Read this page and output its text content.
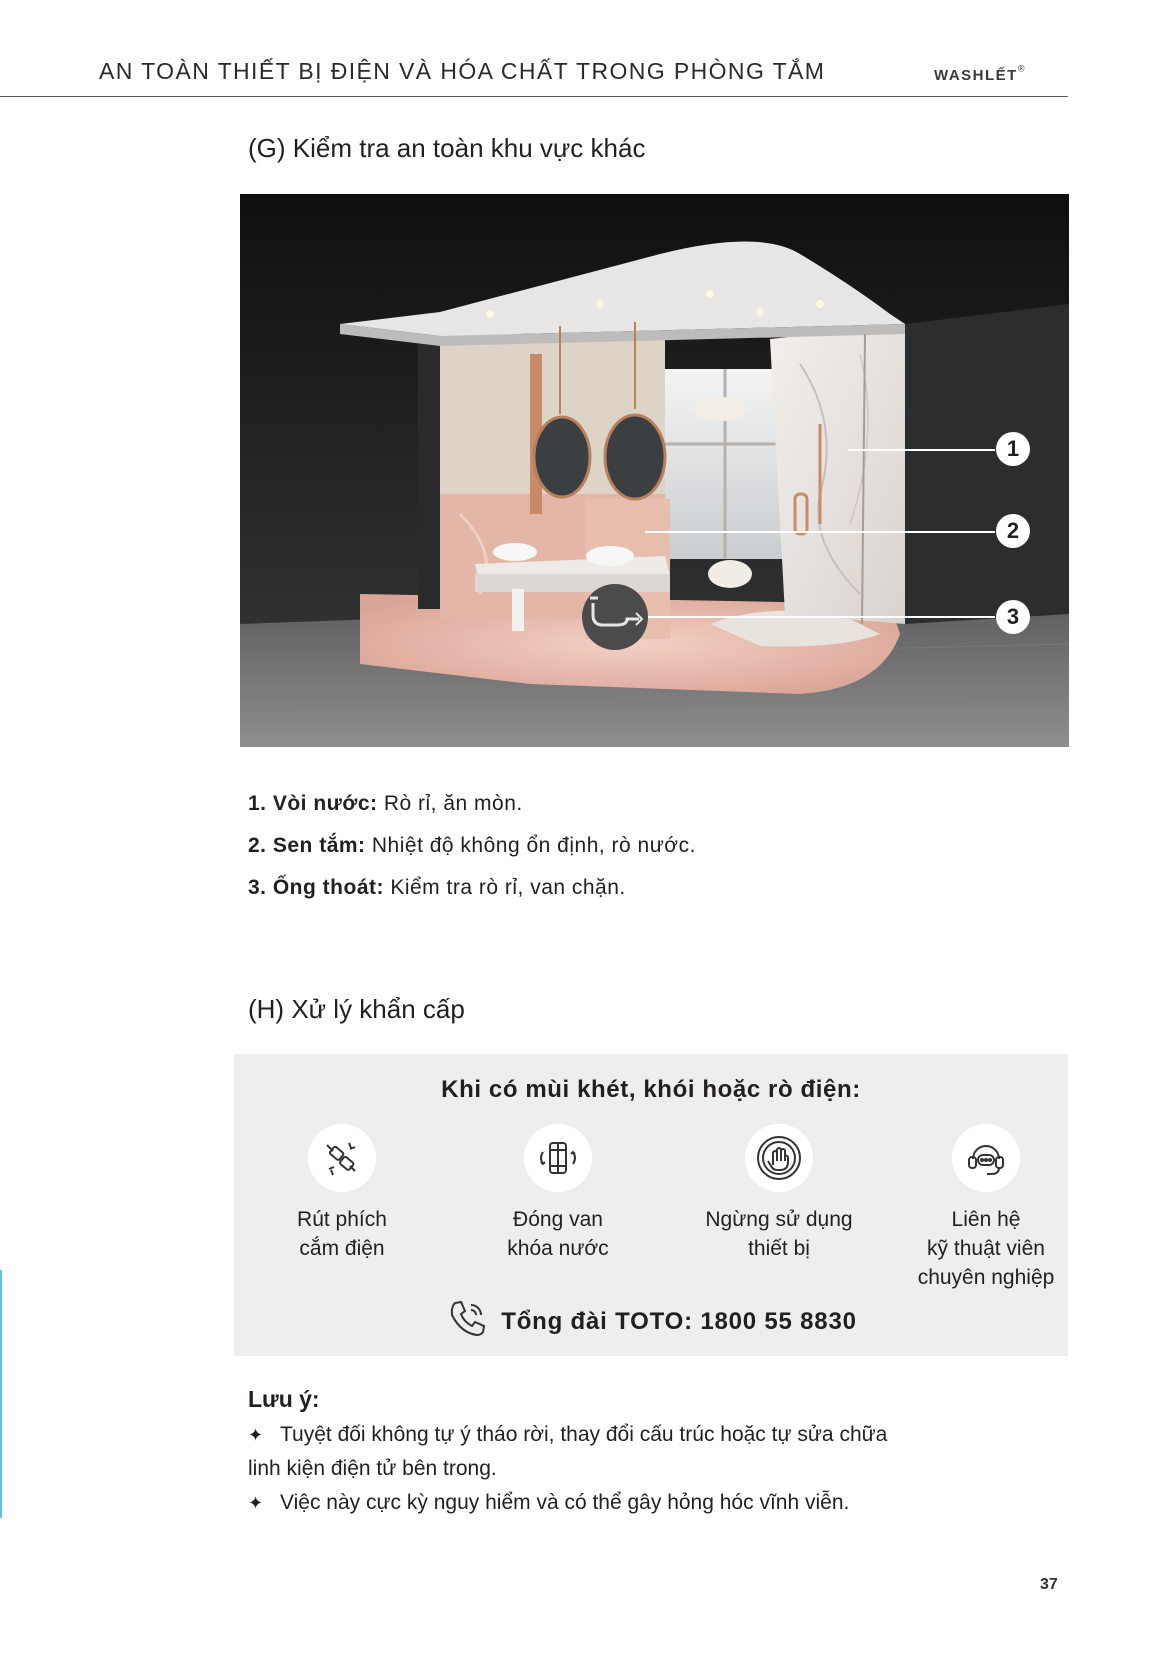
AN TOÀN THIẾT BỊ ĐIỆN VÀ HÓA CHẤT TRONG PHÒNG TẮM	washlết®
(G) Kiểm tra an toàn khu vực khác
1
2
3
1. Vòi nước: Rò rỉ, ăn mòn.
2. Sen tắm: Nhiệt độ không ổn định, rò nước.
3. Ống thoát: Kiểm tra rò rỉ, van chặn.
(H) Xử lý khẩn cấp
Khi có mùi khét, khói hoặc rò điện:
Rút phích
cắm điện
Đóng van
khóa nước
Ngừng sử dụng
thiết bị
Liên hệ
kỹ thuật viên
chuyên nghiệp
Tổng đài TOTO: 1800 55 8830
Lưu ý:
✦ Tuyệt đối không tự ý tháo rời, thay đổi cấu trúc hoặc tự sửa chữa
linh kiện điện tử bên trong.
✦ Việc này cực kỳ nguy hiểm và có thể gây hỏng hóc vĩnh viễn.
37
